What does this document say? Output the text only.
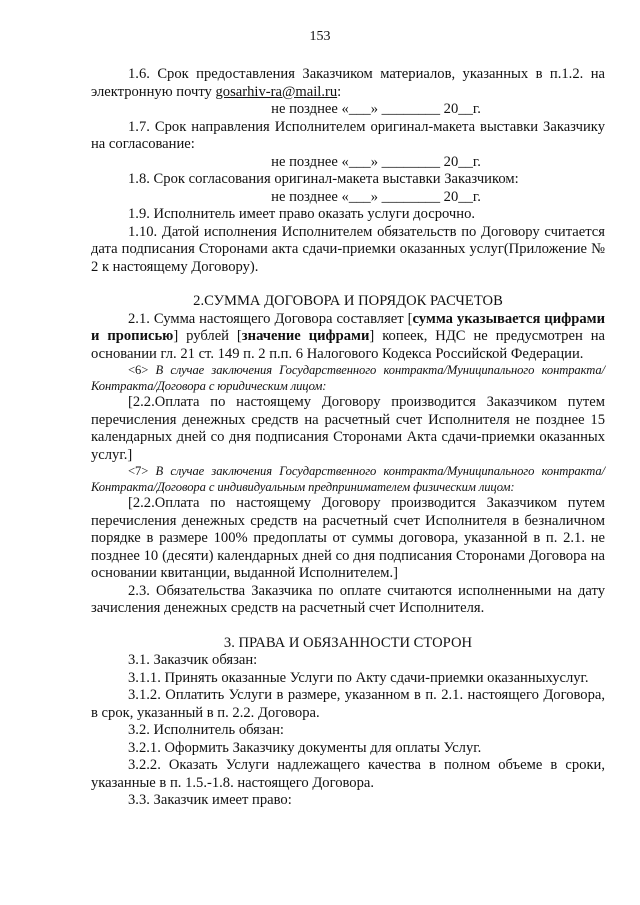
153

1.6. Срок предоставления Заказчиком материалов, указанных в п.1.2. на электронную почту gosarhiv-ra@mail.ru:

не позднее «___» ________ 20__г.

1.7. Срок направления Исполнителем оригинал-макета выставки Заказчику на согласование:

не позднее «___» ________ 20__г.

1.8. Срок согласования оригинал-макета выставки Заказчиком:

не позднее «___» ________ 20__г.

1.9. Исполнитель имеет право оказать услуги досрочно.

1.10. Датой исполнения Исполнителем обязательств по Договору считается дата подписания Сторонами акта сдачи-приемки оказанных услуг(Приложение № 2 к настоящему Договору).

2.СУММА ДОГОВОРА И ПОРЯДОК РАСЧЕТОВ

2.1. Сумма настоящего Договора составляет [сумма указывается цифрами и прописью] рублей [значение цифрами] копеек, НДС не предусмотрен на основании гл. 21 ст. 149 п. 2 п.п. 6 Налогового Кодекса Российской Федерации.

<6> В случае заключения Государственного контракта/Муниципального контракта/Контракта/Договора с юридическим лицом:

[2.2.Оплата по настоящему Договору производится Заказчиком путем перечисления денежных средств на расчетный счет Исполнителя не позднее 15 календарных дней со дня подписания Сторонами Акта сдачи-приемки оказанных услуг.]

<7> В случае заключения Государственного контракта/Муниципального контракта/Контракта/Договора с индивидуальным предпринимателем физическим лицом:

[2.2.Оплата по настоящему Договору производится Заказчиком путем перечисления денежных средств на расчетный счет Исполнителя в безналичном порядке в размере 100% предоплаты от суммы договора, указанной в п. 2.1. не позднее 10 (десяти) календарных дней со дня подписания Сторонами Договора на основании квитанции, выданной Исполнителем.]

2.3. Обязательства Заказчика по оплате считаются исполненными на дату зачисления денежных средств на расчетный счет Исполнителя.

3. ПРАВА И ОБЯЗАННОСТИ СТОРОН

3.1. Заказчик обязан:

3.1.1. Принять оказанные Услуги по Акту сдачи-приемки оказанныхуслуг.

3.1.2. Оплатить Услуги в размере, указанном в п. 2.1. настоящего Договора, в срок, указанный в п. 2.2. Договора.

3.2. Исполнитель обязан:

3.2.1. Оформить Заказчику документы для оплаты Услуг.

3.2.2. Оказать Услуги надлежащего качества в полном объеме в сроки, указанные в п. 1.5.-1.8. настоящего Договора.

3.3. Заказчик имеет право:
